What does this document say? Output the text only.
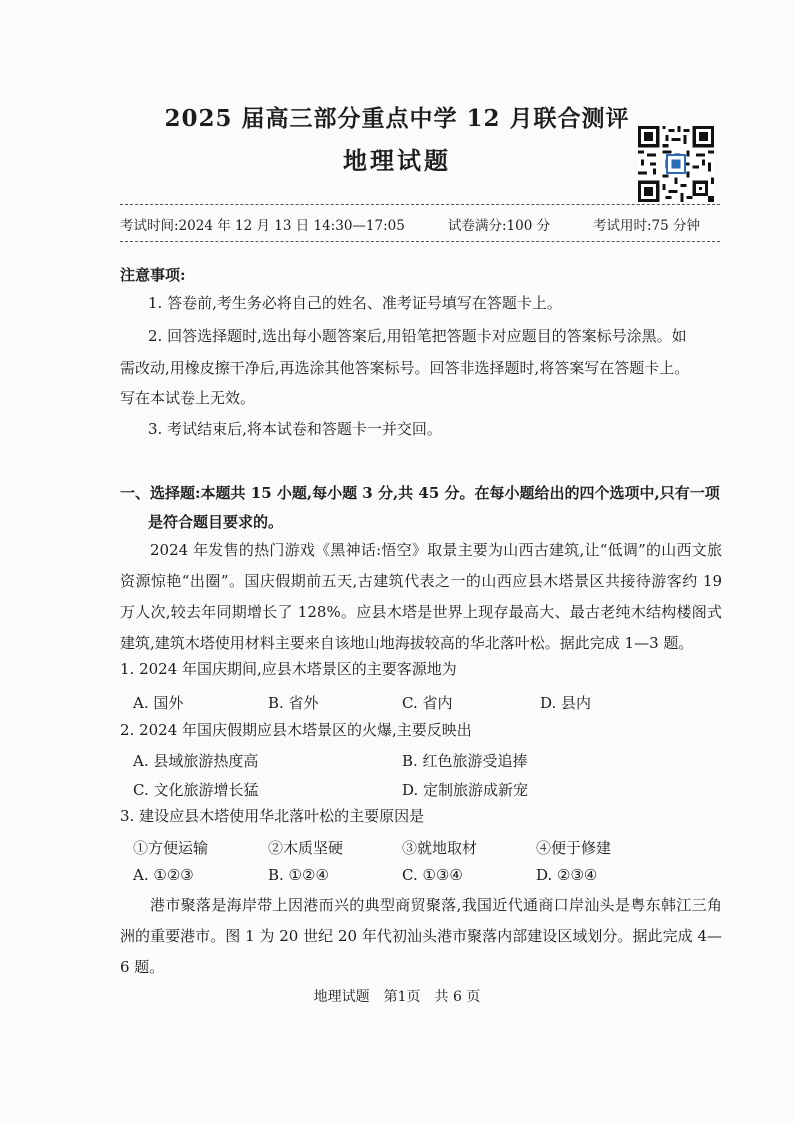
2025 届高三部分重点中学 12 月联合测评
地理试题
考试时间:2024 年 12 月 13 日 14:30—17:05	试卷满分:100 分	考试用时:75 分钟
注意事项:
1. 答卷前,考生务必将自己的姓名、准考证号填写在答题卡上。
2. 回答选择题时,选出每小题答案后,用铅笔把答题卡对应题目的答案标号涂黑。如
需改动,用橡皮擦干净后,再选涂其他答案标号。回答非选择题时,将答案写在答题卡上。
写在本试卷上无效。
3. 考试结束后,将本试卷和答题卡一并交回。
一、选择题:本题共 15 小题,每小题 3 分,共 45 分。在每小题给出的四个选项中,只有一项
是符合题目要求的。
2024 年发售的热门游戏《黑神话:悟空》取景主要为山西古建筑,让“低调”的山西文旅资源惊艳“出圈”。国庆假期前五天,古建筑代表之一的山西应县木塔景区共接待游客约 19 万人次,较去年同期增长了 128%。应县木塔是世界上现存最高大、最古老纯木结构楼阁式建筑,建筑木塔使用材料主要来自该地山地海拔较高的华北落叶松。据此完成 1—3 题。
1. 2024 年国庆期间,应县木塔景区的主要客源地为
A. 国外	B. 省外	C. 省内	D. 县内
2. 2024 年国庆假期应县木塔景区的火爆,主要反映出
A. 县域旅游热度高	B. 红色旅游受追捧
C. 文化旅游增长猛	D. 定制旅游成新宠
3. 建设应县木塔使用华北落叶松的主要原因是
①方便运输	②木质坚硬	③就地取材	④便于修建
A. ①②③	B. ①②④	C. ①③④	D. ②③④
港市聚落是海岸带上因港而兴的典型商贸聚落,我国近代通商口岸汕头是粤东韩江三角洲的重要港市。图 1 为 20 世纪 20 年代初汕头港市聚落内部建设区域划分。据此完成 4—6 题。
地理试题　第1页　共 6 页
